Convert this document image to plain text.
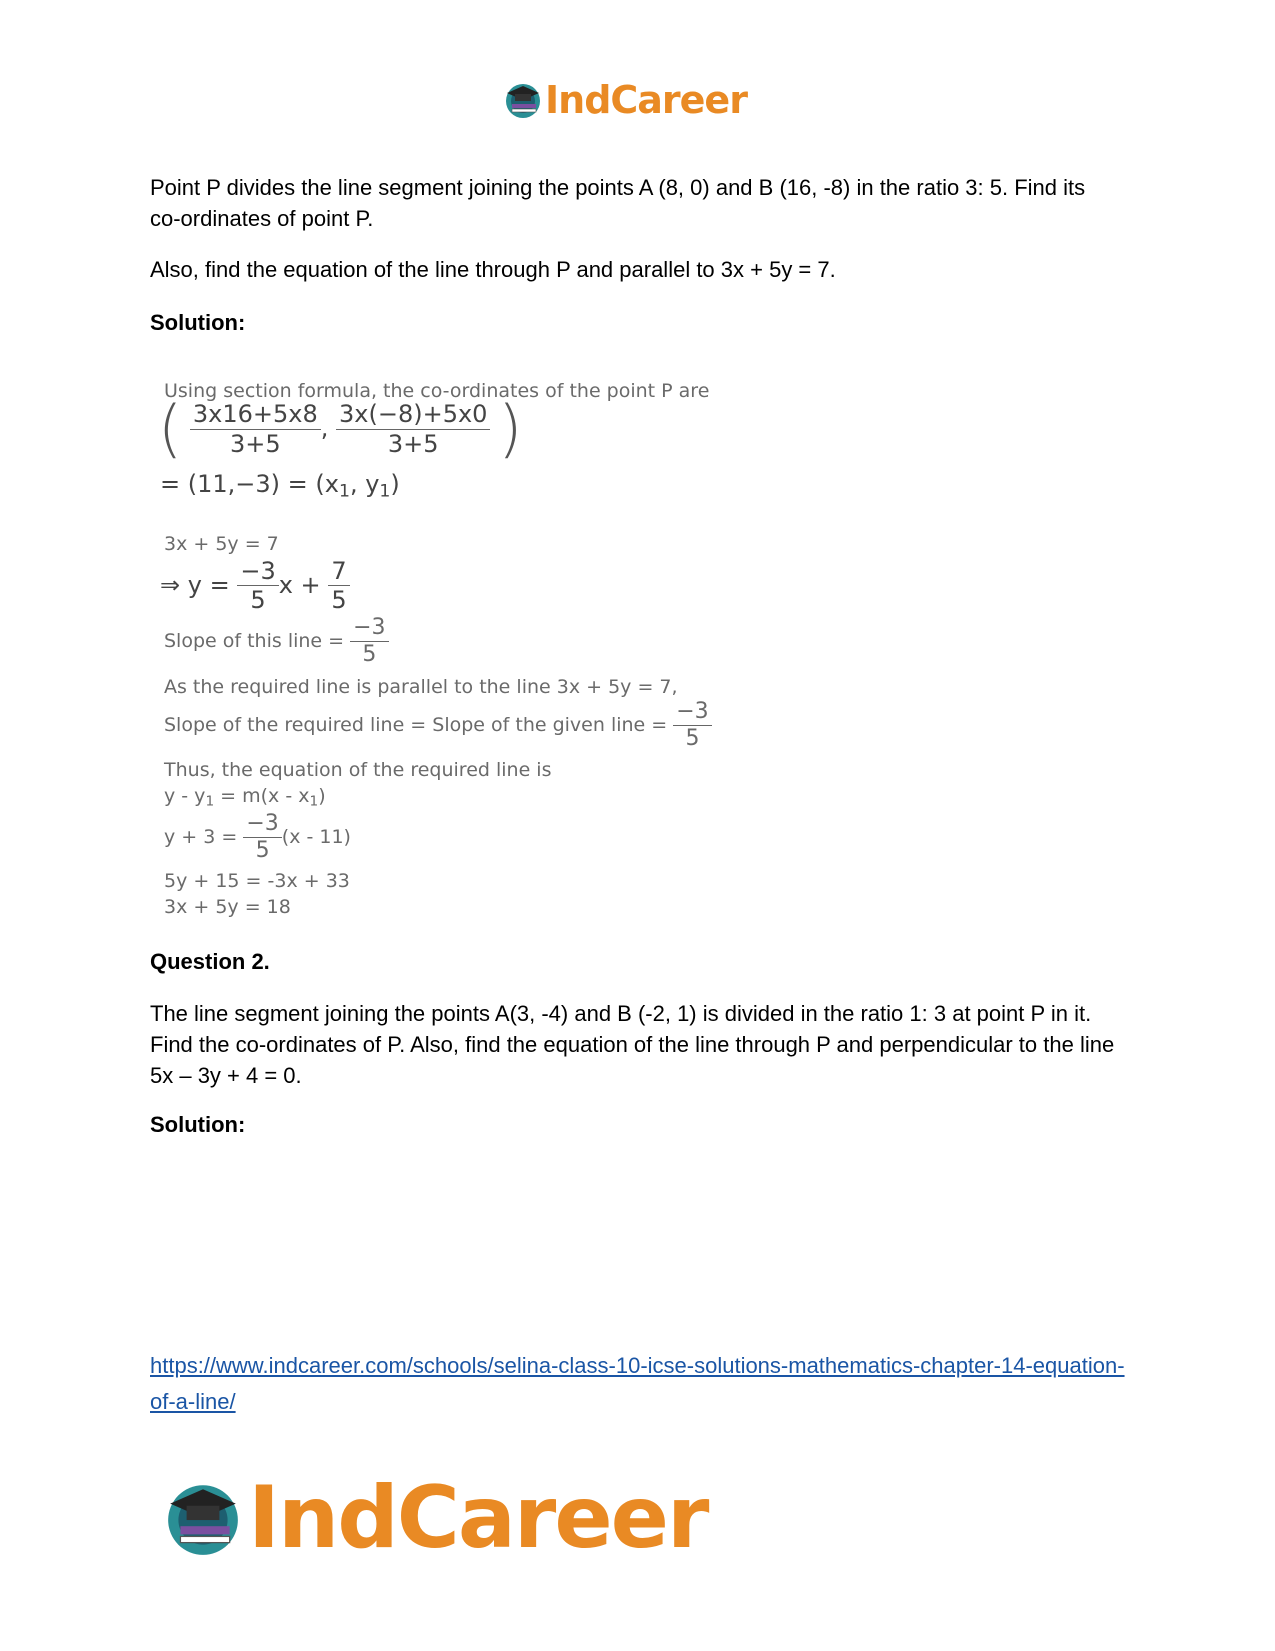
IndCareer

Point P divides the line segment joining the points A (8, 0) and B (16, -8) in the ratio 3: 5. Find its co-ordinates of point P.

Also, find the equation of the line through P and parallel to 3x + 5y = 7.

Solution:

Using section formula, the co-ordinates of the point P are
( $\frac{3x16+5x8}{3+5}$ , $\frac{3x(-8)+5x0}{3+5}$ )
= $(11,-3) = (x_1$, $y_1$)
3x + 5y = 7
⇒ $y = \frac{-3}{5}$ $x + \frac{7}{5}$
Slope of this line = $\frac{-3}{5}$
As the required line is parallel to the line 3x + 5y = 7,
Slope of the required line = Slope of the given line = $\frac{-3}{5}$
Thus, the equation of the required line is
$y - y_1 = m(x - x_1)$
$y + 3 = \frac{-3}{5} (x - 11)$
5y + 15 = -3x + 33
3x + 5y = 18

Question 2.

The line segment joining the points A(3, -4) and B (-2, 1) is divided in the ratio 1: 3 at point P in it. Find the co-ordinates of P. Also, find the equation of the line through P and perpendicular to the line 5x – 3y + 4 = 0.

Solution:

https://www.indcareer.com/schools/selina-class-10-icse-solutions-mathematics-chapter-14-equation-of-a-line/
IndCareer
